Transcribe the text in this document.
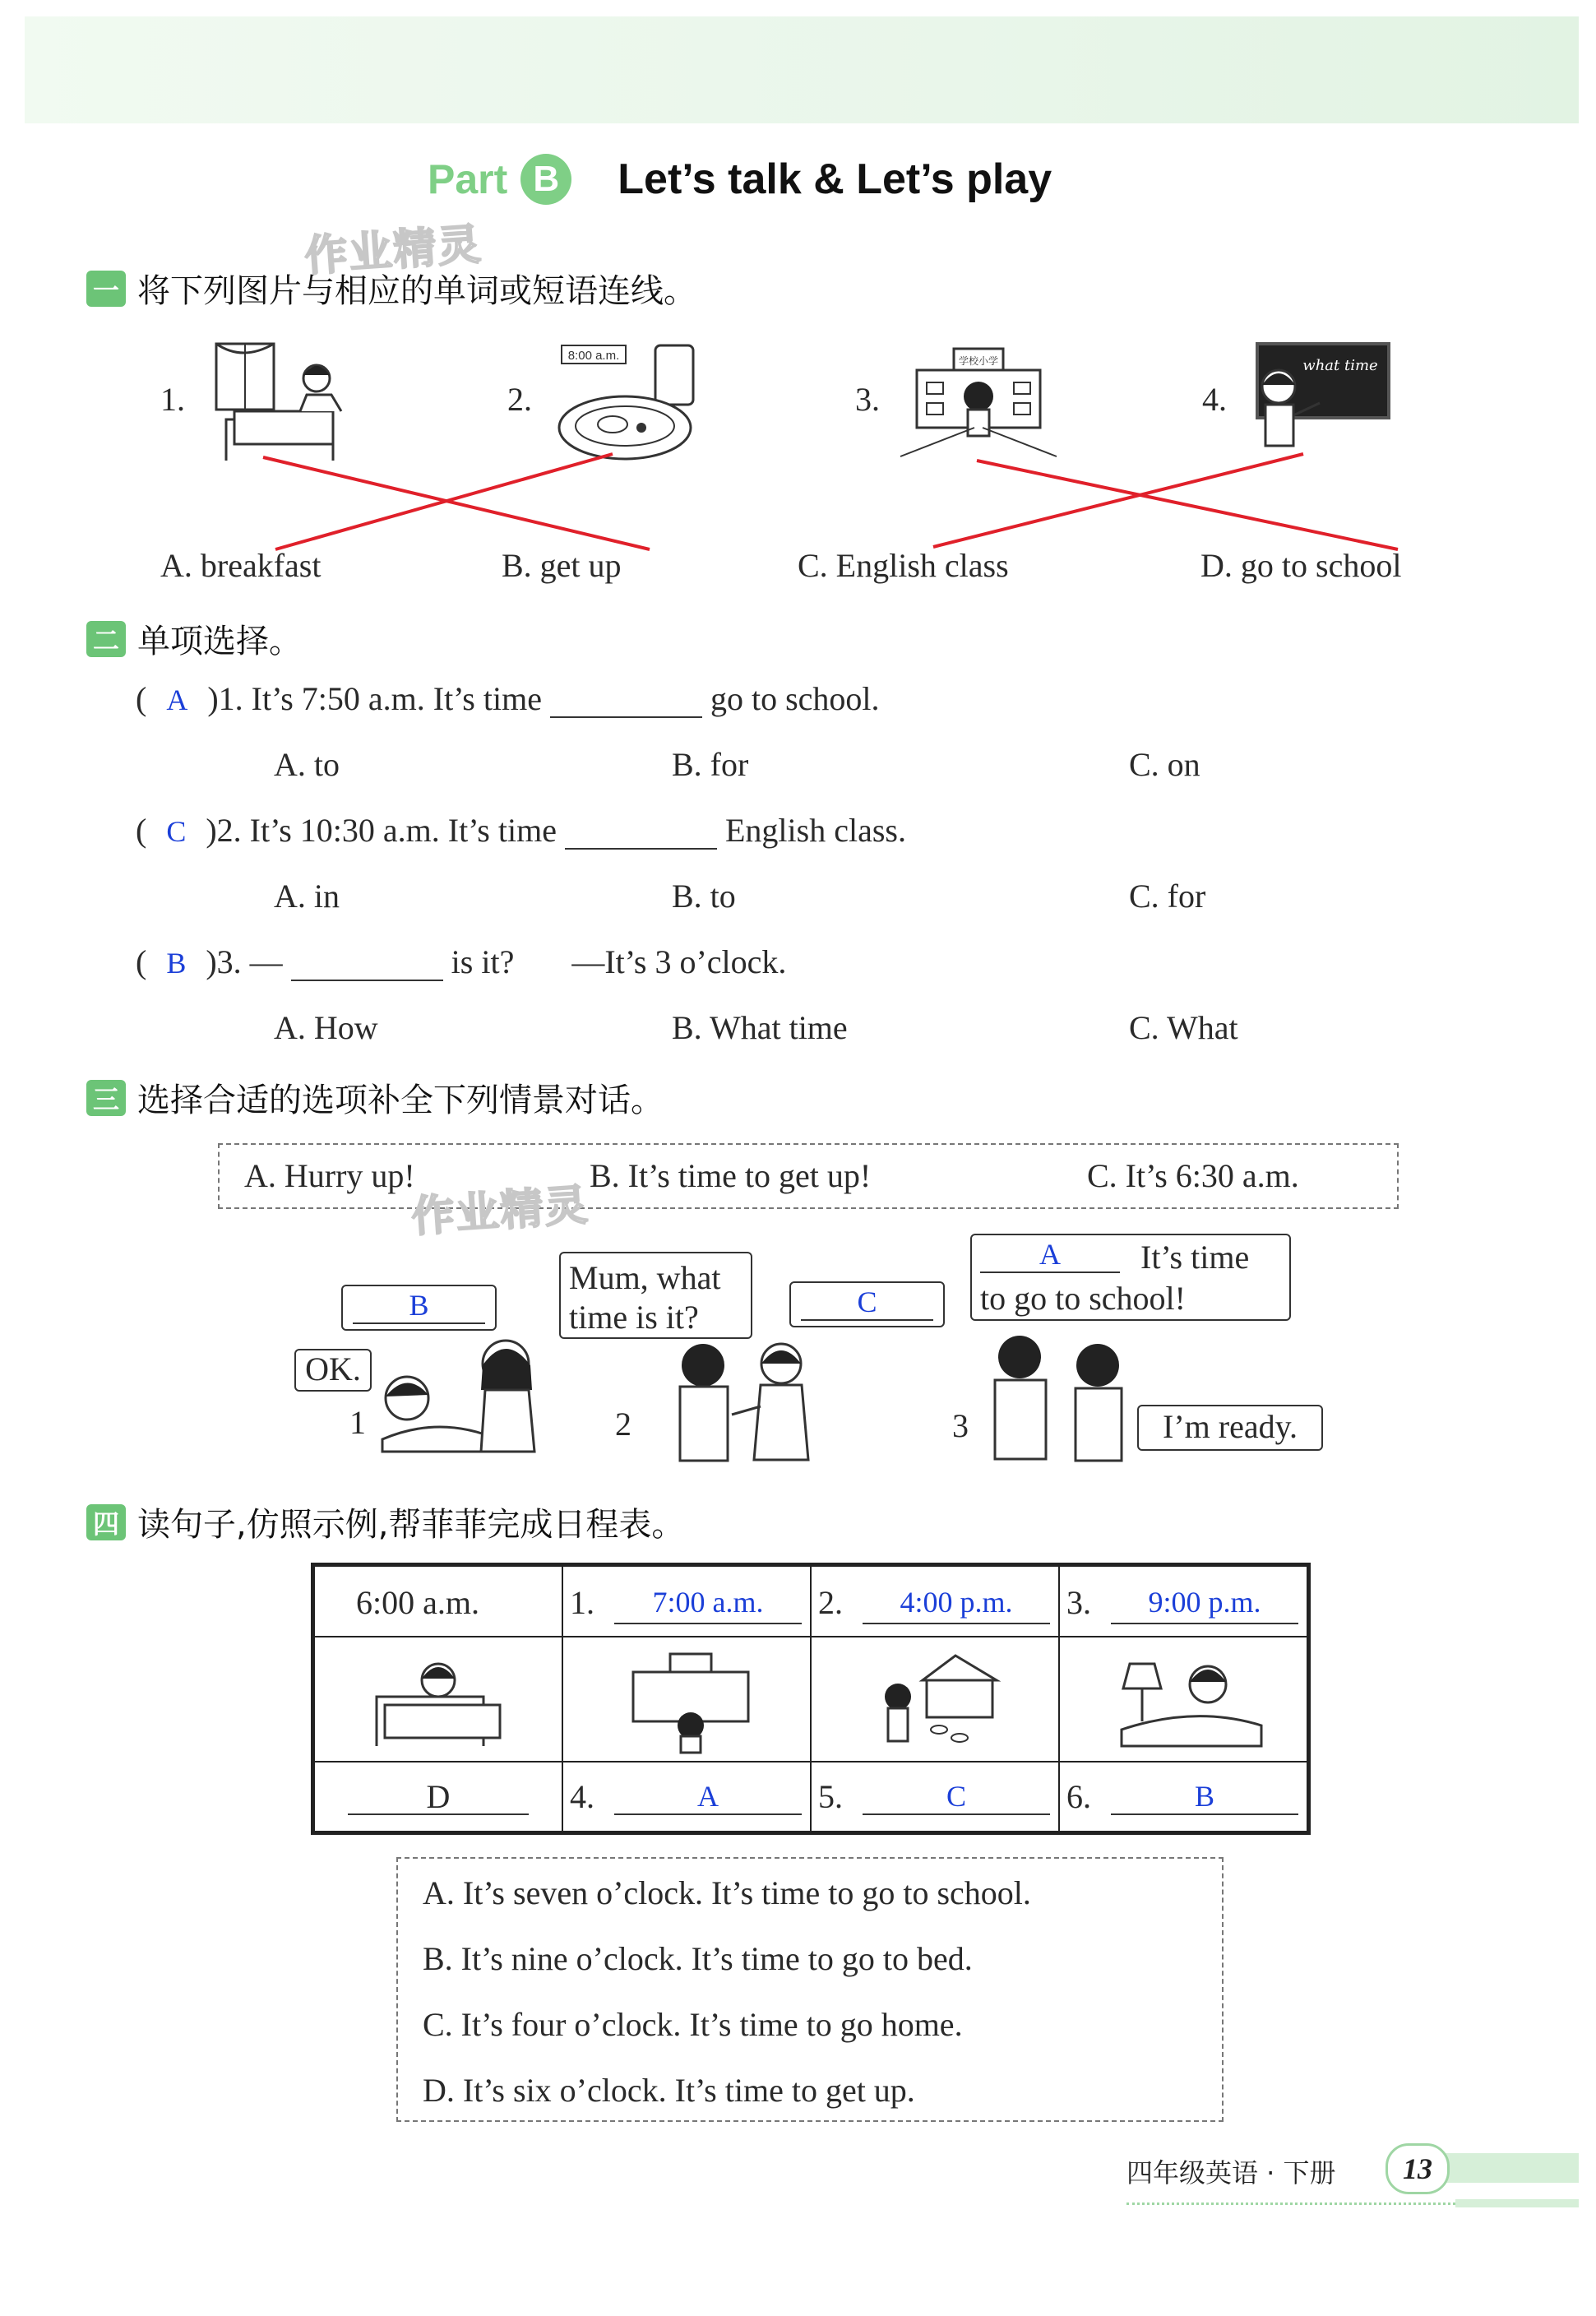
Part B Let’s talk & Let’s play
作业精灵
一 将下列图片与相应的单词或短语连线。
1.	2.	3.	4.
8:00 a.m.	学校小学	what time
A. breakfast	B. get up	C. English class	D. go to school
二 单项选择。
( A )1. It’s 7:50 a.m. It’s time	go to school.
A. to	B. for	C. on
( C )2. It’s 10:30 a.m. It’s time	English class.
A. in	B. to	C. for
( B )3. —	is it? —It’s 3 o’clock.
A. How	B. What time	C. What
三 选择合适的选项补全下列情景对话。
A. Hurry up!	B. It’s time to get up!	C. It’s 6:30 a.m.
作业精灵
B
OK.
1
Mum, what
time is it?	C
2
A	It’s time
to go to school!
3	I’m ready.
四 读句子,仿照示例,帮菲菲完成日程表。
6:00 a.m.	1. 7:00 a.m.	2. 4:00 p.m.	3. 9:00 p.m.

D	4. A	5. C	6. B
A. It’s seven o’clock. It’s time to go to school.
B. It’s nine o’clock. It’s time to go to bed.
C. It’s four o’clock. It’s time to go home.
D. It’s six o’clock. It’s time to get up.
四年级英语 · 下册	13
